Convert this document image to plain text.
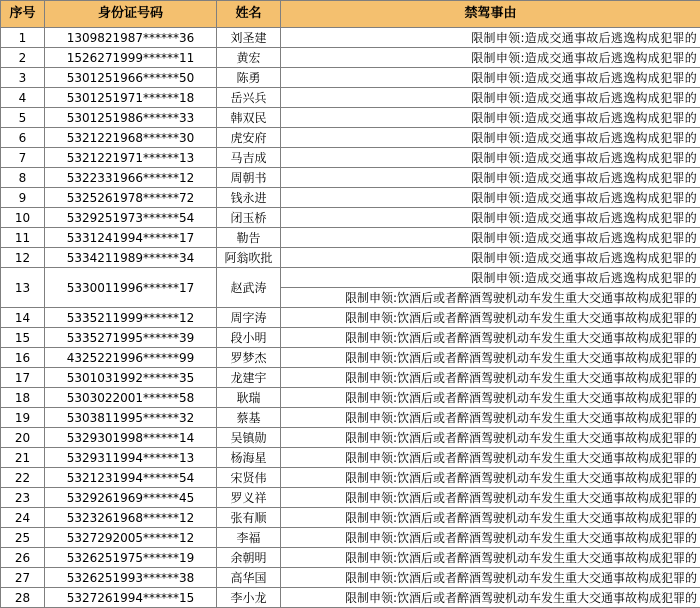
序号	身份证号码	姓名	禁驾事由
1	1309821987******36	刘圣建	限制申领:造成交通事故后逃逸构成犯罪的
2	1526271999******11	黄宏	限制申领:造成交通事故后逃逸构成犯罪的
3	5301251966******50	陈勇	限制申领:造成交通事故后逃逸构成犯罪的
4	5301251971******18	岳兴兵	限制申领:造成交通事故后逃逸构成犯罪的
5	5301251986******33	韩双民	限制申领:造成交通事故后逃逸构成犯罪的
6	5321221968******30	虎安府	限制申领:造成交通事故后逃逸构成犯罪的
7	5321221971******13	马吉成	限制申领:造成交通事故后逃逸构成犯罪的
8	5322331966******12	周朝书	限制申领:造成交通事故后逃逸构成犯罪的
9	5325261978******72	钱永进	限制申领:造成交通事故后逃逸构成犯罪的
10	5329251973******54	闭玉桥	限制申领:造成交通事故后逃逸构成犯罪的
11	5331241994******17	勒告	限制申领:造成交通事故后逃逸构成犯罪的
12	5334211989******34	阿翁吹批	限制申领:造成交通事故后逃逸构成犯罪的
13	5330011996******17	赵武涛	限制申领:造成交通事故后逃逸构成犯罪的
			限制申领:饮酒后或者醉酒驾驶机动车发生重大交通事故构成犯罪的
14	5335211999******12	周字涛	限制申领:饮酒后或者醉酒驾驶机动车发生重大交通事故构成犯罪的
15	5335271995******39	段小明	限制申领:饮酒后或者醉酒驾驶机动车发生重大交通事故构成犯罪的
16	4325221996******99	罗梦杰	限制申领:饮酒后或者醉酒驾驶机动车发生重大交通事故构成犯罪的
17	5301031992******35	龙建宇	限制申领:饮酒后或者醉酒驾驶机动车发生重大交通事故构成犯罪的
18	5303022001******58	耿瑞	限制申领:饮酒后或者醉酒驾驶机动车发生重大交通事故构成犯罪的
19	5303811995******32	蔡基	限制申领:饮酒后或者醉酒驾驶机动车发生重大交通事故构成犯罪的
20	5329301998******14	吴镇勋	限制申领:饮酒后或者醉酒驾驶机动车发生重大交通事故构成犯罪的
21	5329311994******13	杨海星	限制申领:饮酒后或者醉酒驾驶机动车发生重大交通事故构成犯罪的
22	5321231994******54	宋贤伟	限制申领:饮酒后或者醉酒驾驶机动车发生重大交通事故构成犯罪的
23	5329261969******45	罗义祥	限制申领:饮酒后或者醉酒驾驶机动车发生重大交通事故构成犯罪的
24	5323261968******12	张有顺	限制申领:饮酒后或者醉酒驾驶机动车发生重大交通事故构成犯罪的
25	5327292005******12	李福	限制申领:饮酒后或者醉酒驾驶机动车发生重大交通事故构成犯罪的
26	5326251975******19	余朝明	限制申领:饮酒后或者醉酒驾驶机动车发生重大交通事故构成犯罪的
27	5326251993******38	高华国	限制申领:饮酒后或者醉酒驾驶机动车发生重大交通事故构成犯罪的
28	5327261994******15	李小龙	限制申领:饮酒后或者醉酒驾驶机动车发生重大交通事故构成犯罪的
